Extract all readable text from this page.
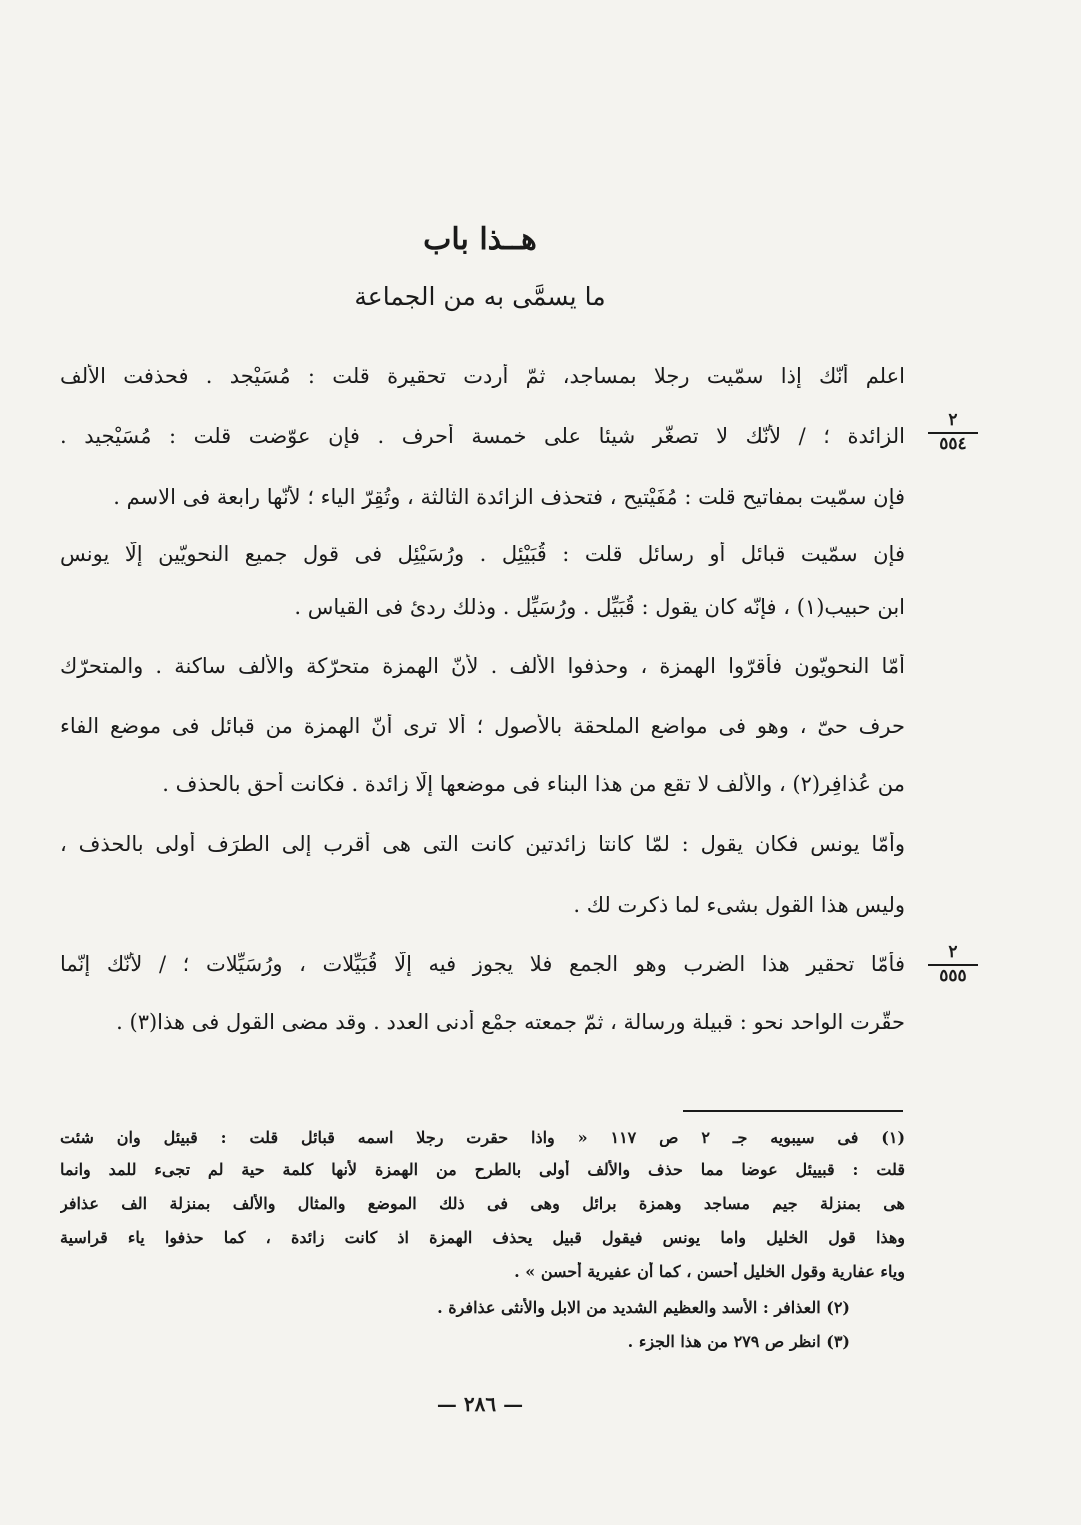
هــذا باب
ما يسمَّى به من الجماعة
اعلم أنّك إذا سمّيت رجلا بمساجد، ثمّ أردت تحقيرة قلت : مُسَيْجد . فحذفت الألف
الزائدة ؛ / لأنّك لا تصغّر شيئا على خمسة أحرف . فإن عوّضت قلت : مُسَيْجيد .
فإن سمّيت بمفاتيح قلت : مُفَيْتيح ، فتحذف الزائدة الثالثة ، وتُقِرّ الياء ؛ لأنّها رابعة فى الاسم .
فإن سمّيت قبائل أو رسائل قلت : قُبَيْئِل . ورُسَيْئِل فى قول جميع النحويّين إلّا يونس
ابن حبيب(١) ، فإنّه كان يقول : قُبَيِّل . ورُسَيِّل . وذلك ردئ فى القياس .
أمّا النحويّون فأقرّوا الهمزة ، وحذفوا الألف . لأنّ الهمزة متحرّكة والألف ساكنة . والمتحرّك
حرف حىّ ، وهو فى مواضع الملحقة بالأصول ؛ ألا ترى أنّ الهمزة من قبائل فى موضع الفاء
من عُذافِر(٢) ، والألف لا تقع من هذا البناء فى موضعها إلّا زائدة . فكانت أحق بالحذف .
وأمّا يونس فكان يقول : لمّا كانتا زائدتين كانت التى هى أقرب إلى الطرَف أولى بالحذف ،
وليس هذا القول بشىء لما ذكرت لك .
فأمّا تحقير هذا الضرب وهو الجمع فلا يجوز فيه إلّا قُبَيِّلات ، ورُسَيِّلات ؛ / لأنّك إنّما
حقّرت الواحد نحو : قبيلة ورسالة ، ثمّ جمعته جمْع أدنى العدد . وقد مضى القول فى هذا(٣) .
٢
٥٥٤
٢
٥٥٥
(١) فى سيبويه جـ ٢ ص ١١٧ « واذا حقرت رجلا اسمه قبائل قلت : قبيئل وان شئت
قلت : قبييئل عوضا مما حذف والألف أولى بالطرح من الهمزة لأنها كلمة حية لم تجىء للمد وانما
هى بمنزلة جيم مساجد وهمزة برائل وهى فى ذلك الموضع والمثال والألف بمنزلة الف عذافر
وهذا قول الخليل واما يونس فيقول قبيل يحذف الهمزة اذ كانت زائدة ، كما حذفوا ياء قراسية
وياء عفارية وقول الخليل أحسن ، كما أن عفيرية أحسن » .
(٢) العذافر : الأسد والعظيم الشديد من الابل والأنثى عذافرة .
(٣) انظر ص ٢٧٩ من هذا الجزء .
— ٢٨٦ —
